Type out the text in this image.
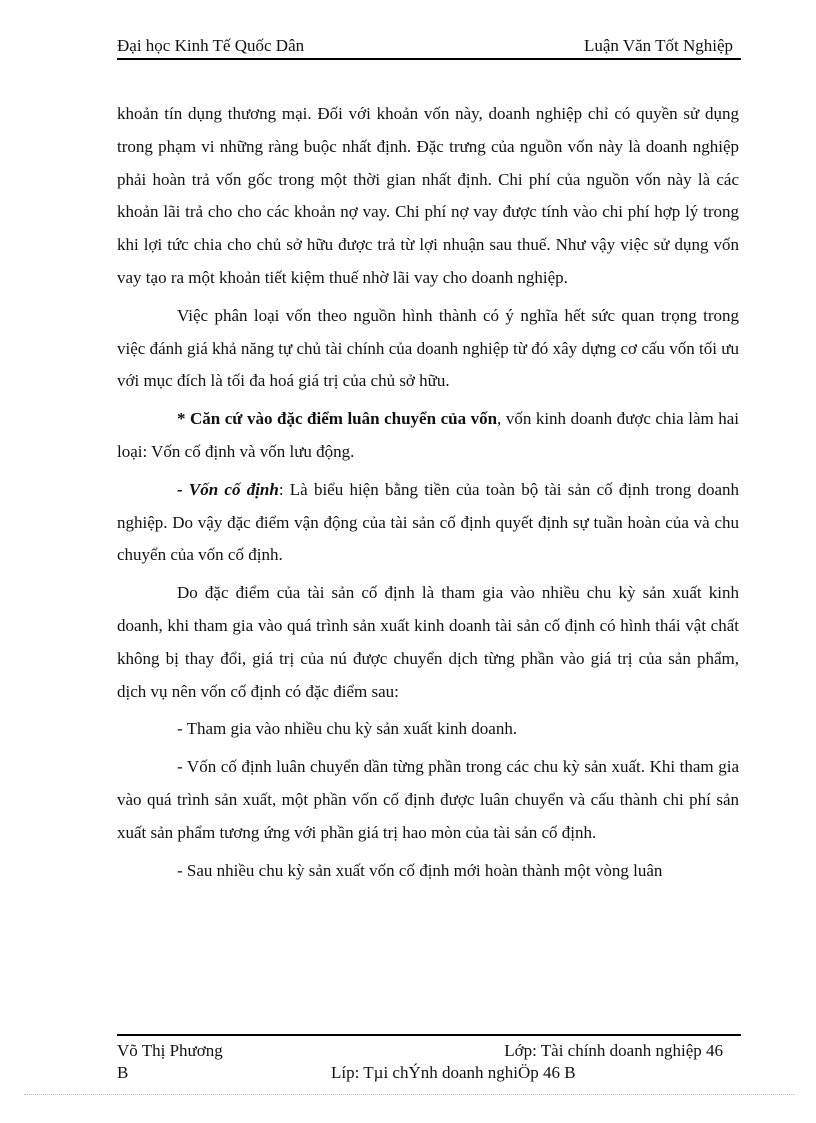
Đại học Kinh Tế Quốc Dân	Luận Văn Tốt Nghiệp

khoản tín dụng thương mại. Đối với khoản vốn này, doanh nghiệp chỉ có quyền sử dụng trong phạm vi những ràng buộc nhất định. Đặc trưng của nguồn vốn này là doanh nghiệp phải hoàn trả vốn gốc trong một thời gian nhất định. Chi phí của nguồn vốn này là các khoản lãi trả cho cho các khoản nợ vay. Chi phí nợ vay được tính vào chi phí hợp lý trong khi lợi tức chia cho chủ sở hữu được trả từ lợi nhuận sau thuế. Như vậy việc sử dụng vốn vay tạo ra một khoản tiết kiệm thuế nhờ lãi vay cho doanh nghiệp.

Việc phân loại vốn theo nguồn hình thành có ý nghĩa hết sức quan trọng trong việc đánh giá khả năng tự chủ tài chính của doanh nghiệp từ đó xây dựng cơ cấu vốn tối ưu với mục đích là tối đa hoá giá trị của chủ sở hữu.

* Căn cứ vào đặc điểm luân chuyển của vốn, vốn kinh doanh được chia làm hai loại: Vốn cố định và vốn lưu động.

- Vốn cố định: Là biểu hiện bằng tiền của toàn bộ tài sản cố định trong doanh nghiệp. Do vậy đặc điểm vận động của tài sản cố định quyết định sự tuần hoàn của và chu chuyển của vốn cố định.

Do đặc điểm của tài sản cố định là tham gia vào nhiều chu kỳ sản xuất kinh doanh, khi tham gia vào quá trình sản xuất kinh doanh tài sản cố định có hình thái vật chất không bị thay đổi, giá trị của nú được chuyển dịch từng phần vào giá trị của sản phẩm, dịch vụ nên vốn cố định có đặc điểm sau:

- Tham gia vào nhiều chu kỳ sản xuất kinh doanh.

- Vốn cố định luân chuyển dần từng phần trong các chu kỳ sản xuất. Khi tham gia vào quá trình sản xuất, một phần vốn cố định được luân chuyển và cấu thành chi phí sản xuất sản phẩm tương ứng với phần giá trị hao mòn của tài sản cố định.

- Sau nhiều chu kỳ sản xuất vốn cố định mới hoàn thành một vòng luân

Võ Thị Phương	Lớp: Tài chính doanh nghiệp 46
B	Líp: Tµi chÝnh doanh nghiÖp 46 B
